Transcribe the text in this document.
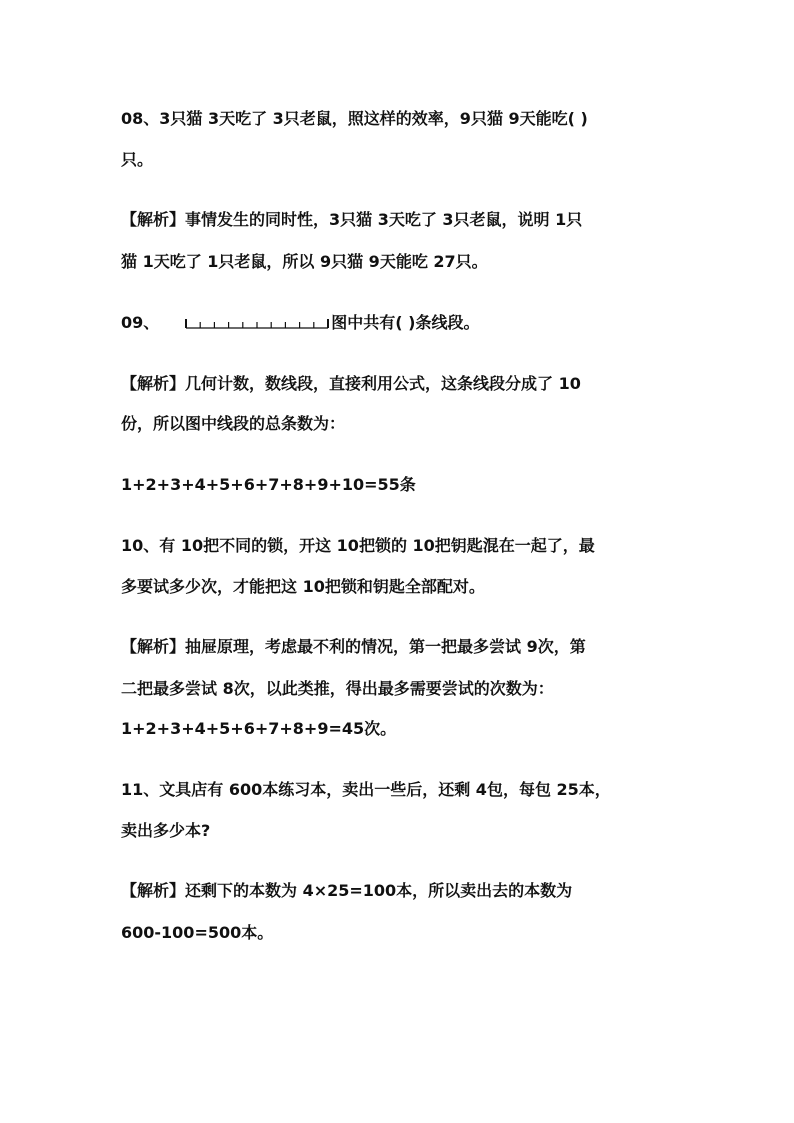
08、3只猫 3天吃了 3只老鼠，照这样的效率，9只猫 9天能吃( )
只。
【解析】事情发生的同时性，3只猫 3天吃了 3只老鼠，说明 1只
猫 1天吃了 1只老鼠，所以 9只猫 9天能吃 27只。
09、	图中共有( )条线段。
【解析】几何计数，数线段，直接利用公式，这条线段分成了 10
份，所以图中线段的总条数为：
1+2+3+4+5+6+7+8+9+10=55条
10、有 10把不同的锁，开这 10把锁的 10把钥匙混在一起了，最
多要试多少次，才能把这 10把锁和钥匙全部配对。
【解析】抽屉原理，考虑最不利的情况，第一把最多尝试 9次，第
二把最多尝试 8次，以此类推，得出最多需要尝试的次数为：
1+2+3+4+5+6+7+8+9=45次。
11、文具店有 600本练习本，卖出一些后，还剩 4包，每包 25本，
卖出多少本?
【解析】还剩下的本数为 4×25=100本，所以卖出去的本数为
600-100=500本。
